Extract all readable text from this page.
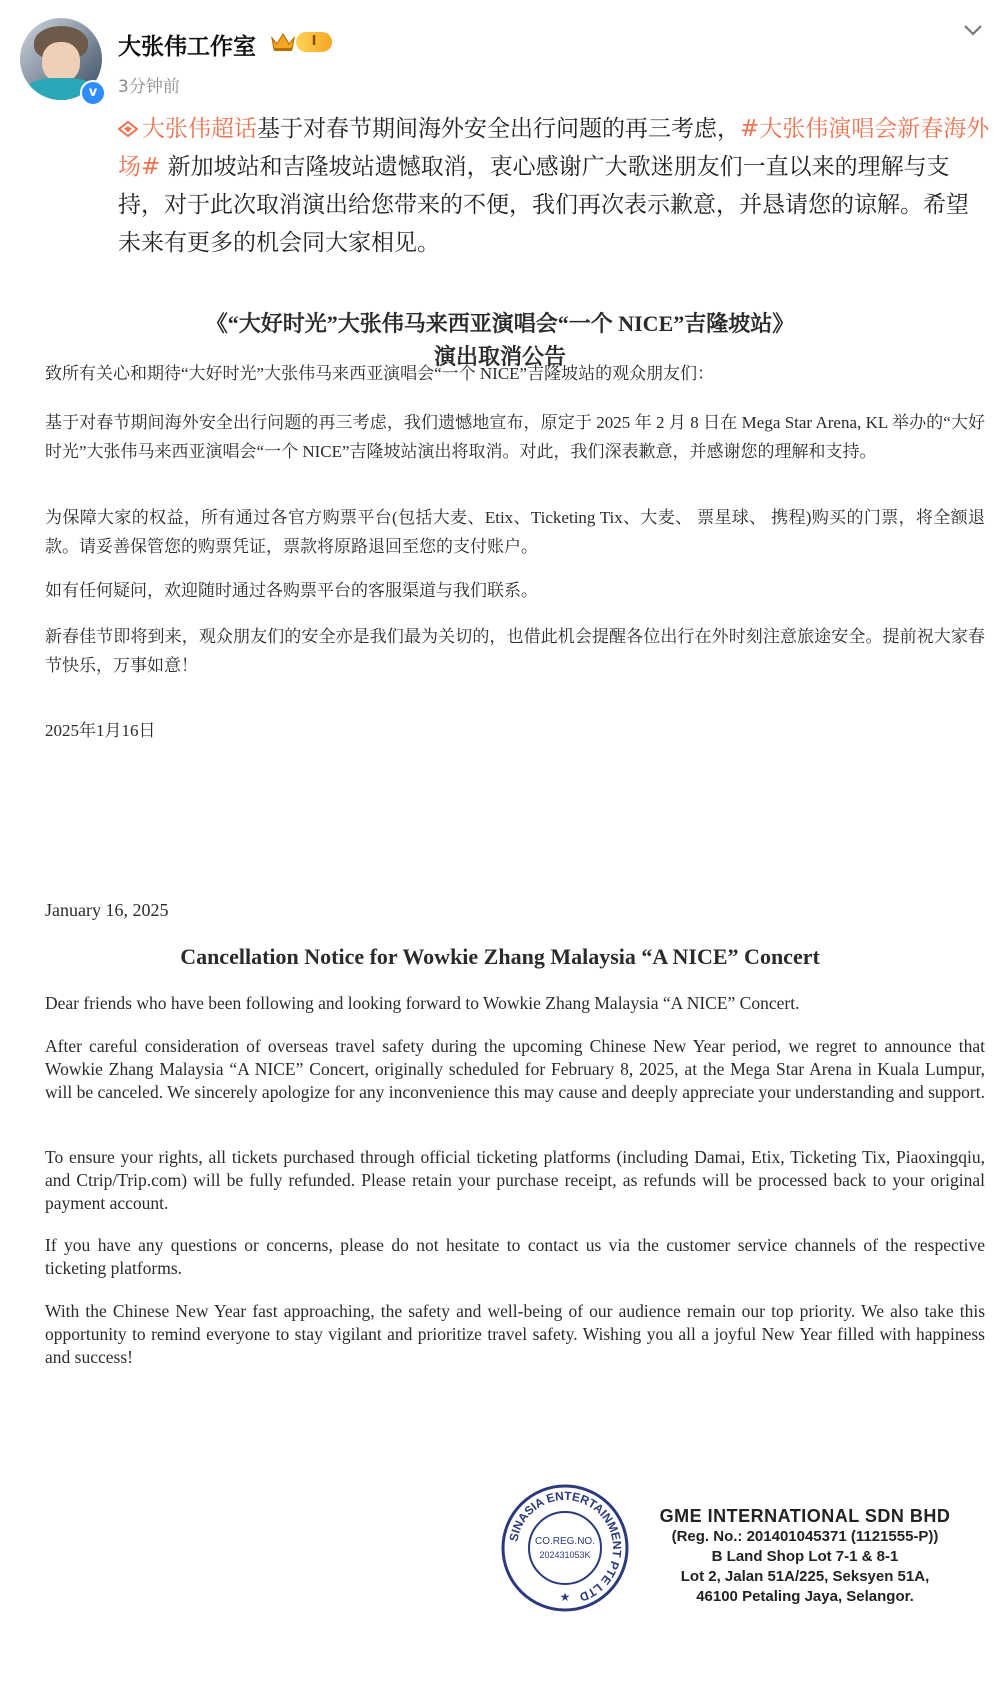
v
大张伟工作室	I
3分钟前
大张伟超话基于对春节期间海外安全出行问题的再三考虑，#大张伟演唱会新春海外场# 新加坡站和吉隆坡站遗憾取消，衷心感谢广大歌迷朋友们一直以来的理解与支持，对于此次取消演出给您带来的不便，我们再次表示歉意，并恳请您的谅解。希望未来有更多的机会同大家相见。
《“大好时光”大张伟马来西亚演唱会“一个 NICE”吉隆坡站》
演出取消公告

致所有关心和期待“大好时光”大张伟马来西亚演唱会“一个 NICE”吉隆坡站的观众朋友们：

基于对春节期间海外安全出行问题的再三考虑，我们遗憾地宣布，原定于 2025 年 2 月 8 日在 Mega Star Arena, KL 举办的“大好时光”大张伟马来西亚演唱会“一个 NICE”吉隆坡站演出将取消。对此，我们深表歉意，并感谢您的理解和支持。

为保障大家的权益，所有通过各官方购票平台(包括大麦、Etix、Ticketing Tix、大麦、 票星球、 携程)购买的门票，将全额退款。请妥善保管您的购票凭证，票款将原路退回至您的支付账户。

如有任何疑问，欢迎随时通过各购票平台的客服渠道与我们联系。

新春佳节即将到来，观众朋友们的安全亦是我们最为关切的，也借此机会提醒各位出行在外时刻注意旅途安全。提前祝大家春节快乐，万事如意！

2025年1月16日

January 16, 2025
Cancellation Notice for Wowkie Zhang Malaysia “A NICE” Concert

Dear friends who have been following and looking forward to Wowkie Zhang Malaysia “A NICE” Concert.

After careful consideration of overseas travel safety during the upcoming Chinese New Year period, we regret to announce that Wowkie Zhang Malaysia “A NICE” Concert, originally scheduled for February 8, 2025, at the Mega Star Arena in Kuala Lumpur, will be canceled. We sincerely apologize for any inconvenience this may cause and deeply appreciate your understanding and support.

To ensure your rights, all tickets purchased through official ticketing platforms (including Damai, Etix, Ticketing Tix, Piaoxingqiu, and Ctrip/Trip.com) will be fully refunded. Please retain your purchase receipt, as refunds will be processed back to your original payment account.

If you have any questions or concerns, please do not hesitate to contact us via the customer service channels of the respective ticketing platforms.

With the Chinese New Year fast approaching, the safety and well-being of our audience remain our top priority. We also take this opportunity to remind everyone to stay vigilant and prioritize travel safety. Wishing you all a joyful New Year filled with happiness and success!

SINASIA ENTERTAINMENT PTE LTD
CO.REG.NO.
202431053K
★
GME INTERNATIONAL SDN BHD
(Reg. No.: 201401045371 (1121555-P))
B Land Shop Lot 7-1 & 8-1
Lot 2, Jalan 51A/225, Seksyen 51A,
46100 Petaling Jaya, Selangor.
